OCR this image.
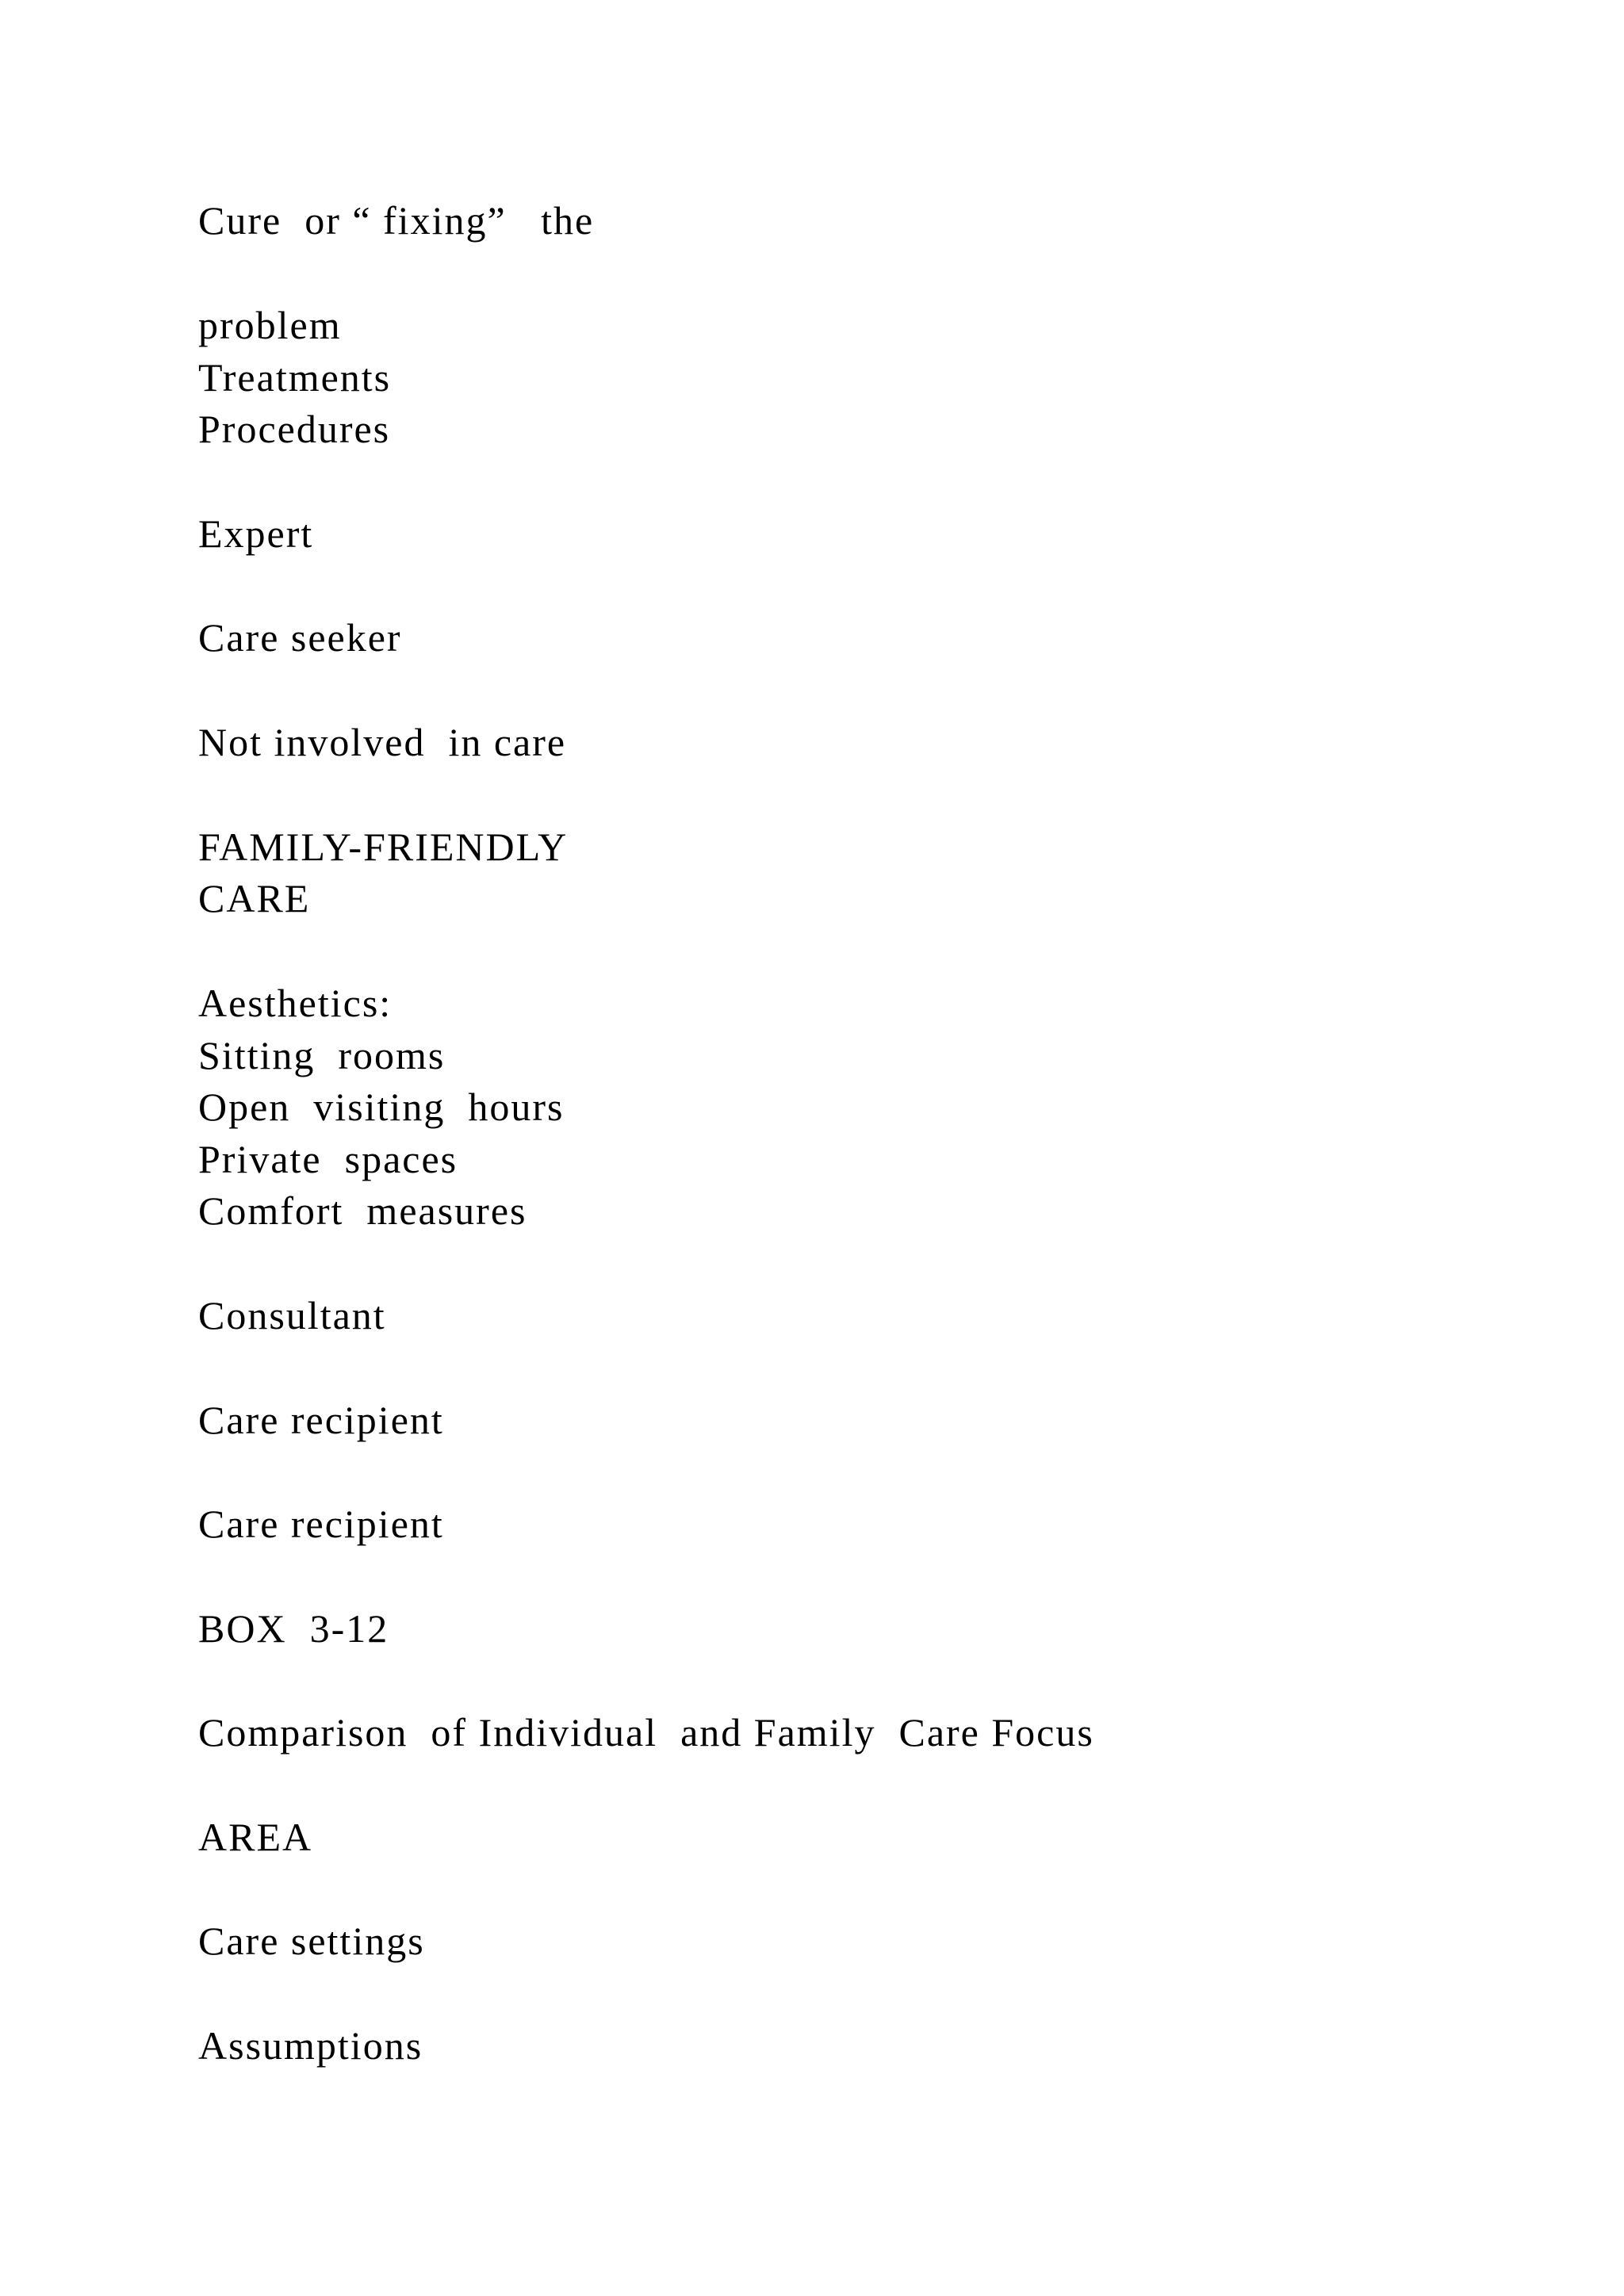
Cure  or “ fixing”   the

problem

Treatments

Procedures

Expert

Care seeker

Not involved  in care

FAMILY-FRIENDLY

CARE

Aesthetics:

Sitting  rooms

Open  visiting  hours

Private  spaces

Comfort  measures

Consultant

Care recipient

Care recipient

BOX  3-12

Comparison  of Individual  and Family  Care Focus

AREA

Care settings

Assumptions
